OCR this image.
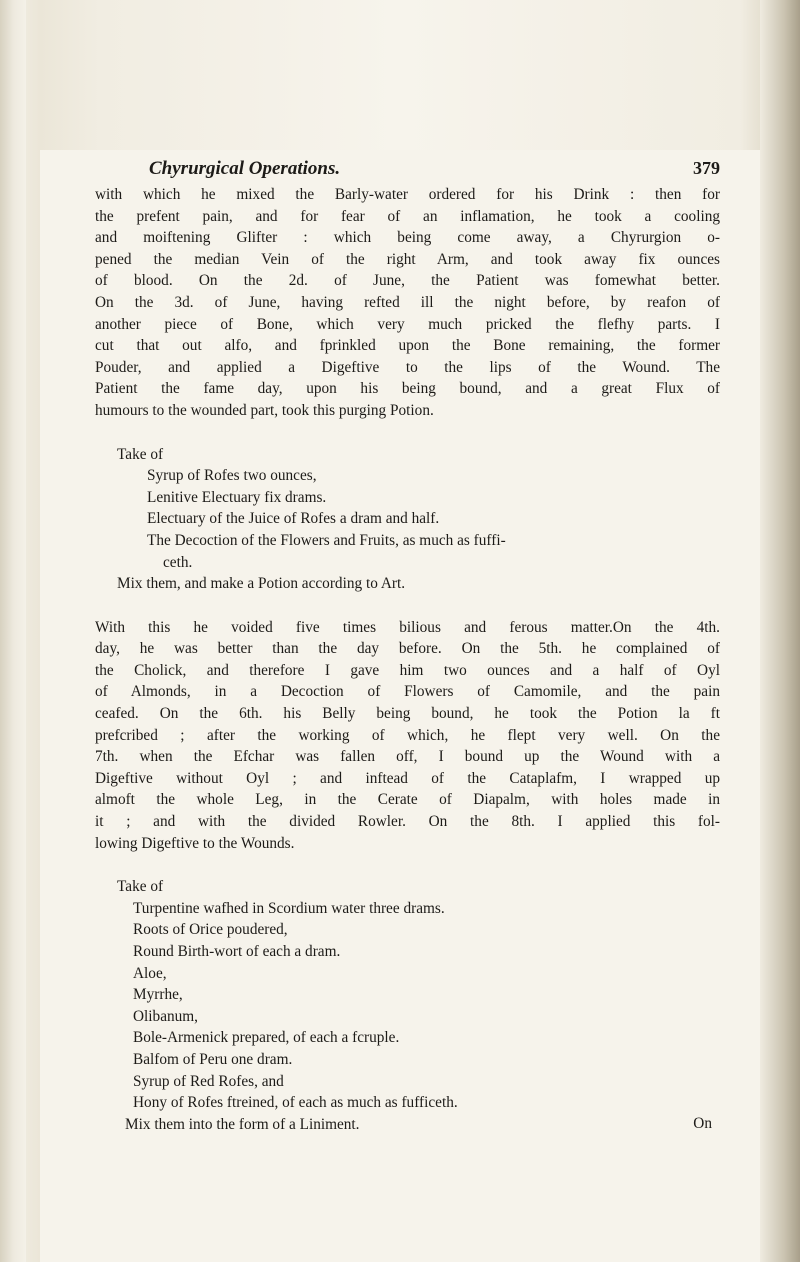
Chyrurgical Operations.	379
with which he mixed the Barly-water ordered for his Drink : then for
the prefent pain, and for fear of an inflamation, he took a cooling
and moiftening Glifter : which being come away, a Chyrurgion o-
pened the median Vein of the right Arm, and took away fix ounces
of blood. On the 2d. of June, the Patient was fomewhat better.
On the 3d. of June, having refted ill the night before, by reafon of
another piece of Bone, which very much pricked the flefhy parts. I
cut that out alfo, and fprinkled upon the Bone remaining, the former
Pouder, and applied a Digeftive to the lips of the Wound. The
Patient the fame day, upon his being bound, and a great Flux of
humours to the wounded part, took this purging Potion.
Take of
Syrup of Rofes two ounces,
Lenitive Electuary fix drams.
Electuary of the Juice of Rofes a dram and half.
The Decoction of the Flowers and Fruits, as much as fuffi-
ceth.
Mix them, and make a Potion according to Art.
With this he voided five times bilious and ferous matter.On the 4th.
day, he was better than the day before. On the 5th. he complained of
the Cholick, and therefore I gave him two ounces and a half of Oyl
of Almonds, in a Decoction of Flowers of Camomile, and the pain
ceafed. On the 6th. his Belly being bound, he took the Potion la ft
prefcribed ; after the working of which, he flept very well. On the
7th. when the Efchar was fallen off, I bound up the Wound with a
Digeftive without Oyl ; and inftead of the Cataplafm, I wrapped up
almoft the whole Leg, in the Cerate of Diapalm, with holes made in
it ; and with the divided Rowler. On the 8th. I applied this fol-
lowing Digeftive to the Wounds.
Take of
Turpentine wafhed in Scordium water three drams.
Roots of Orice poudered,
Round Birth-wort of each a dram.
Aloe,
Myrrhe,
Olibanum,
Bole-Armenick prepared, of each a fcruple.
Balfom of Peru one dram.
Syrup of Red Rofes, and
Hony of Rofes ftreined, of each as much as fufficeth.
Mix them into the form of a Liniment.	On
